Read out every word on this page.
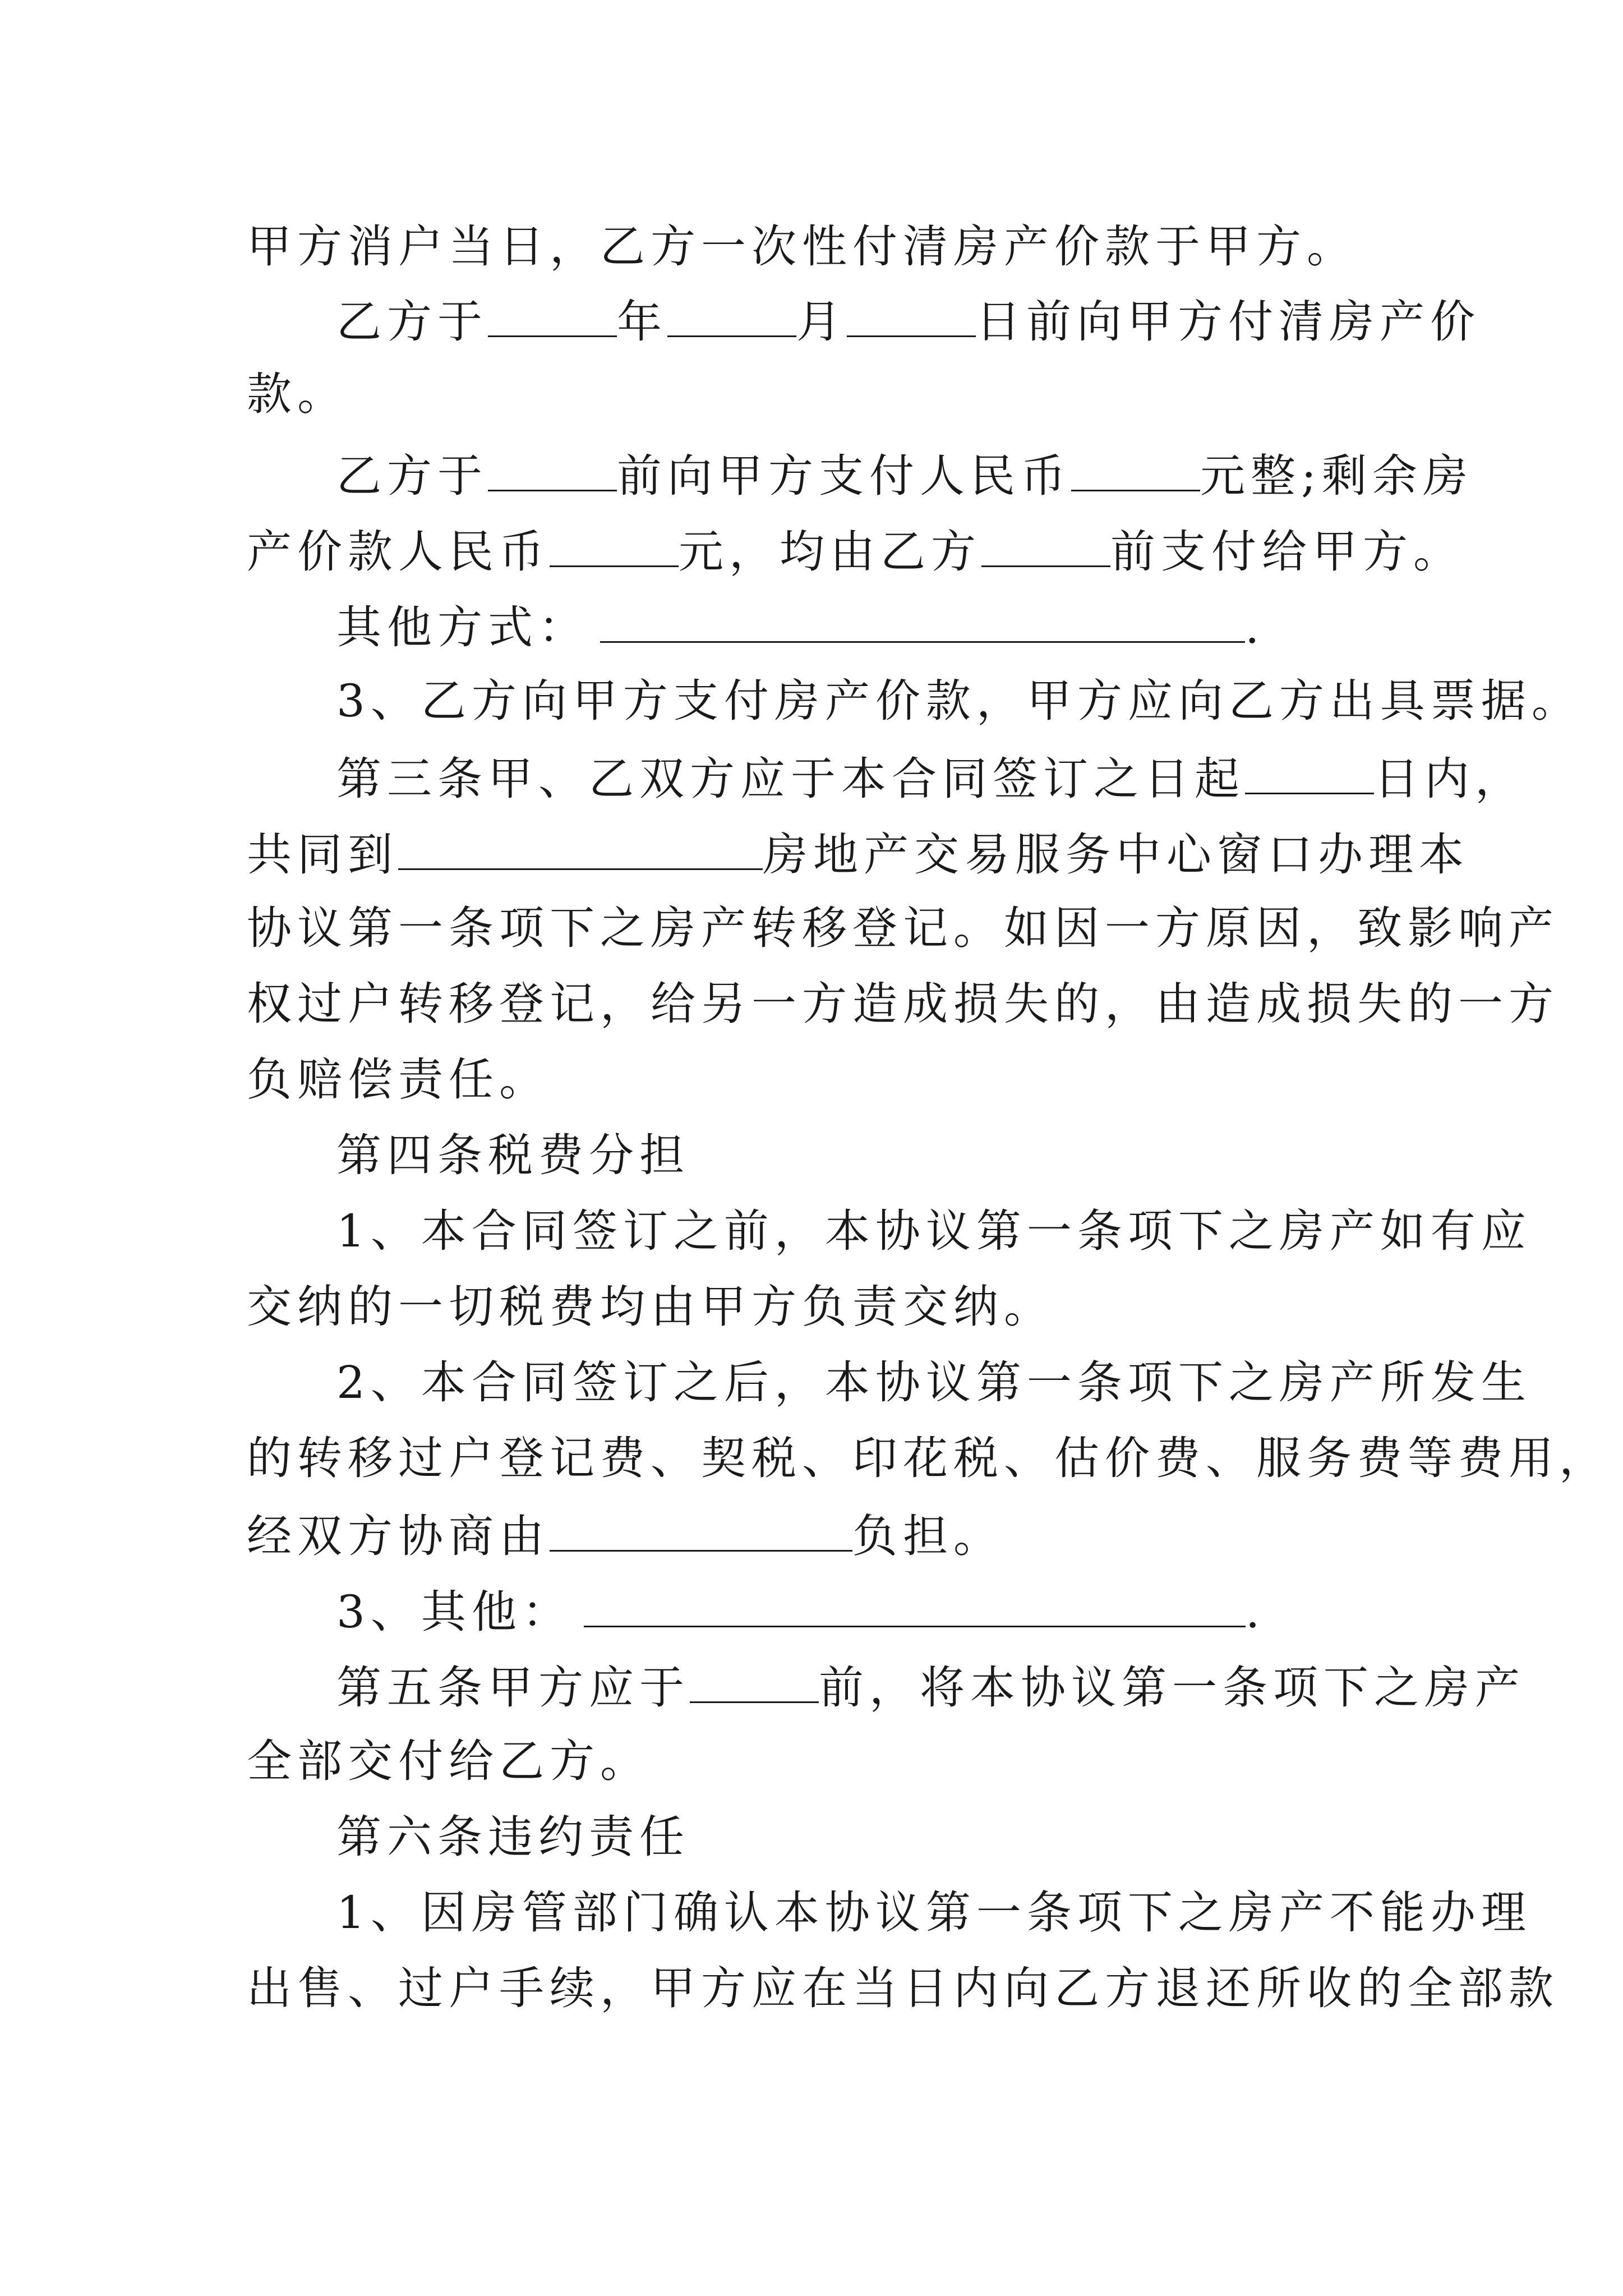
甲方消户当日，乙方一次性付清房产价款于甲方。
乙方于	年	月	日前向甲方付清房产价
款。
乙方于	前向甲方支付人民币	元整;剩余房
产价款人民币	元，均由乙方	前支付给甲方。
其他方式：	.
3、乙方向甲方支付房产价款，甲方应向乙方出具票据。
第三条甲、乙双方应于本合同签订之日起	日内，
共同到	房地产交易服务中心窗口办理本
协议第一条项下之房产转移登记。如因一方原因，致影响产
权过户转移登记，给另一方造成损失的，由造成损失的一方
负赔偿责任。
第四条税费分担
1、本合同签订之前，本协议第一条项下之房产如有应
交纳的一切税费均由甲方负责交纳。
2、本合同签订之后，本协议第一条项下之房产所发生
的转移过户登记费、契税、印花税、估价费、服务费等费用，
经双方协商由	负担。
3、其他：	.
第五条甲方应于	前，将本协议第一条项下之房产
全部交付给乙方。
第六条违约责任
1、因房管部门确认本协议第一条项下之房产不能办理
出售、过户手续，甲方应在当日内向乙方退还所收的全部款
